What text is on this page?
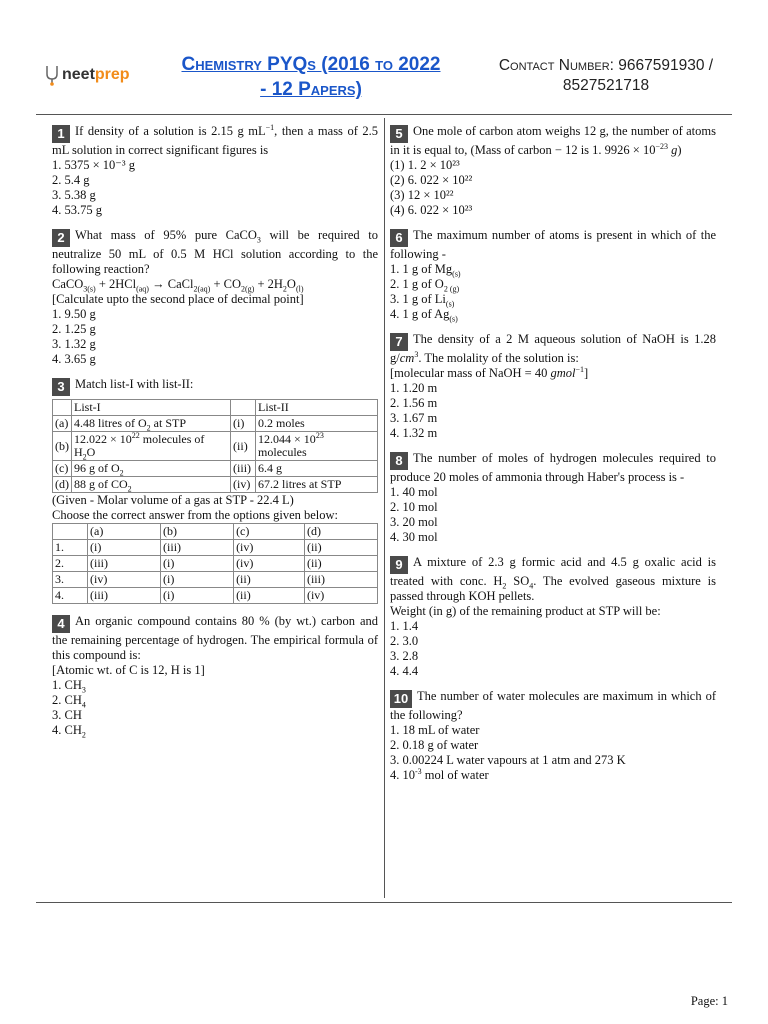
neetprep	Chemistry PYQs (2016 to 2022
- 12 Papers)
Contact Number: 9667591930 /
8527521718

1 If density of a solution is 2.15 g $mL^{-1}$, then a mass of 2.5 mL solution in correct significant figures is

1. 5375 × 10⁻³ g
2. 5.4 g
3. 5.38 g
4. 53.75 g

2 What mass of 95% pure CaCO$_3$ will be required to neutralize 50 mL of 0.5 M HCl solution according to the following reaction?

CaCO$_{3(s)}$ + 2HCl$_{(aq)}$ → CaCl$_{2(aq)}$ + $CO_{2(g)} + 2H_2O_{(l)}$

[Calculate upto the second place of decimal point]

1. 9.50 g
2. 1.25 g
3. 1.32 g
4. 3.65 g

3 Match list-I with list-II:

	List-I		List-II
(a)	4.48 litres of $O_2$ at STP	(i)	0.2 moles
(b)	$12.022 \times 10^{22}$ molecules of $H_2O$	(ii)	$12.044 \times 10^{23}$ molecules
(c)	96 g of $O_2$	(iii)	6.4 g
(d)	88 g of $CO_2$	(iv)	67.2 litres at STP

(Given - Molar volume of a gas at STP - 22.4 L)

Choose the correct answer from the options given below:

	(a)	(b)	(c)	(d)
1.	(i)	(iii)	(iv)	(ii)
2.	(iii)	(i)	(iv)	(ii)
3.	(iv)	(i)	(ii)	(iii)
4.	(iii)	(i)	(ii)	(iv)

4 An organic compound contains 80 % (by wt.) carbon and the remaining percentage of hydrogen. The empirical formula of this compound is:

[Atomic wt. of C is 12, H is 1]

1. $CH_3$
2. $CH_4$
3. CH
4. $CH_2$

5 One mole of carbon atom weighs 12 g, the number of atoms in it is equal to, (Mass of carbon − 12 is 1. $9926 \times 10^{-23}$ g)

(1) 1. 2 × 10²³
(2) 6. 022 × 10²²
(3) 12 × 10²²
(4) 6. 022 × 10²³

6 The maximum number of atoms is present in which of the following -

1. 1 g of $Mg_{(s)}$
2. 1 g of $O_{2 (g)}$
3. 1 g of $Li_{(s)}$
4. 1 g of $Ag_{(s)}$

7 The density of a 2 M aqueous solution of NaOH is 1.28 $g/cm^3$. The molality of the solution is:

[molecular mass of NaOH = 40 gmol$^{-1}$]

1. 1.20 m
2. 1.56 m
3. 1.67 m
4. 1.32 m

8 The number of moles of hydrogen molecules required to produce 20 moles of ammonia through Haber's process is -

1. 40 mol
2. 10 mol
3. 20 mol
4. 30 mol

9 A mixture of 2.3 g formic acid and 4.5 g oxalic acid is treated with conc. $H_2$ $SO_4$. The evolved gaseous mixture is passed through KOH pellets.

Weight (in g) of the remaining product at STP will be:

1. 1.4
2. 3.0
3. 2.8
4. 4.4

10 The number of water molecules are maximum in which of the following?

1. 18 mL of water
2. 0.18 g of water
3. 0.00224 L water vapours at 1 atm and 273 K
4. $10^{-3}$ mol of water
Page: 1
